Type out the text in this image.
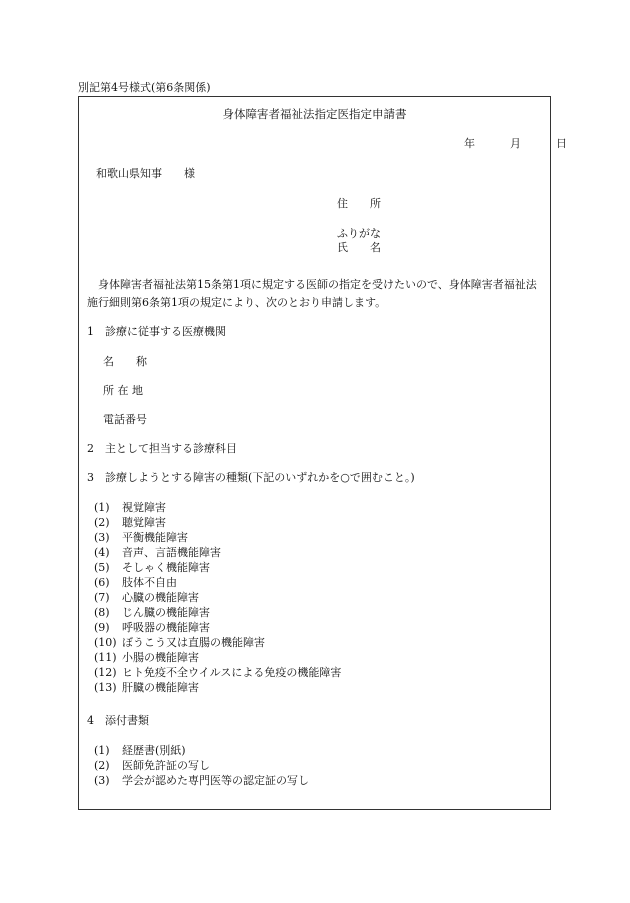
別記第4号様式(第6条関係)
身体障害者福祉法指定医指定申請書
年	月	日
和歌山県知事　　様
住　　所
ふりがな
氏　　名
身体障害者福祉法第15条第1項に規定する医師の指定を受けたいので、身体障害者福祉法施行細則第6条第1項の規定により、次のとおり申請します。
1　診療に従事する医療機関
名　　称
所 在 地
電話番号
2　主として担当する診療科目
3　診療しようとする障害の種類(下記のいずれかを○で囲むこと。)
(1) 視覚障害
(2) 聴覚障害
(3) 平衡機能障害
(4) 音声、言語機能障害
(5) そしゃく機能障害
(6) 肢体不自由
(7) 心臓の機能障害
(8) じん臓の機能障害
(9) 呼吸器の機能障害
(10) ぼうこう又は直腸の機能障害
(11) 小腸の機能障害
(12) ヒト免疫不全ウイルスによる免疫の機能障害
(13) 肝臓の機能障害
4　添付書類
(1) 経歴書(別紙)
(2) 医師免許証の写し
(3) 学会が認めた専門医等の認定証の写し
